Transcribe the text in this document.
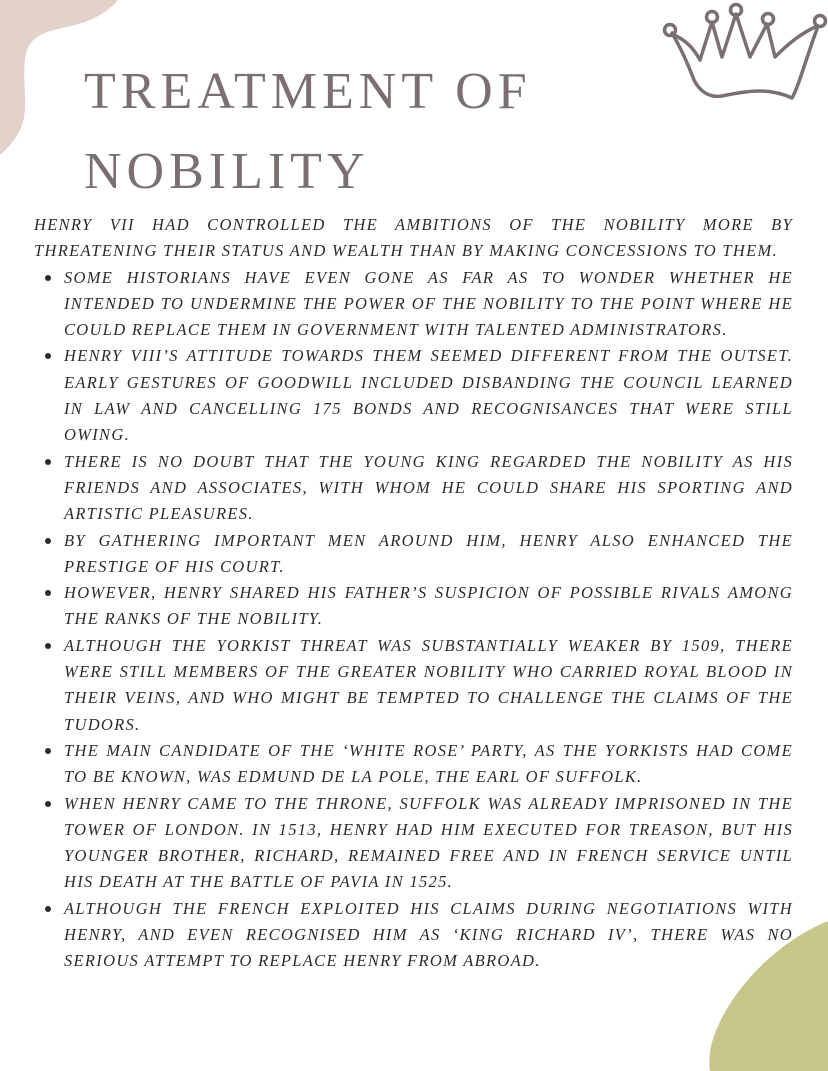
TREATMENT OF
NOBILITY

HENRY VII HAD CONTROLLED THE AMBITIONS OF THE NOBILITY MORE BY THREATENING THEIR STATUS AND WEALTH THAN BY MAKING CONCESSIONS TO THEM.

SOME HISTORIANS HAVE EVEN GONE AS FAR AS TO WONDER WHETHER HE INTENDED TO UNDERMINE THE POWER OF THE NOBILITY TO THE POINT WHERE HE COULD REPLACE THEM IN GOVERNMENT WITH TALENTED ADMINISTRATORS.
HENRY VIII’S ATTITUDE TOWARDS THEM SEEMED DIFFERENT FROM THE OUTSET. EARLY GESTURES OF GOODWILL INCLUDED DISBANDING THE COUNCIL LEARNED IN LAW AND CANCELLING 175 BONDS AND RECOGNISANCES THAT WERE STILL OWING.
THERE IS NO DOUBT THAT THE YOUNG KING REGARDED THE NOBILITY AS HIS FRIENDS AND ASSOCIATES, WITH WHOM HE COULD SHARE HIS SPORTING AND ARTISTIC PLEASURES.
BY GATHERING IMPORTANT MEN AROUND HIM, HENRY ALSO ENHANCED THE PRESTIGE OF HIS COURT.
HOWEVER, HENRY SHARED HIS FATHER’S SUSPICION OF POSSIBLE RIVALS AMONG THE RANKS OF THE NOBILITY.
ALTHOUGH THE YORKIST THREAT WAS SUBSTANTIALLY WEAKER BY 1509, THERE WERE STILL MEMBERS OF THE GREATER NOBILITY WHO CARRIED ROYAL BLOOD IN THEIR VEINS, AND WHO MIGHT BE TEMPTED TO CHALLENGE THE CLAIMS OF THE TUDORS.
THE MAIN CANDIDATE OF THE ‘WHITE ROSE’ PARTY, AS THE YORKISTS HAD COME TO BE KNOWN, WAS EDMUND DE LA POLE, THE EARL OF SUFFOLK.
WHEN HENRY CAME TO THE THRONE, SUFFOLK WAS ALREADY IMPRISONED IN THE TOWER OF LONDON. IN 1513, HENRY HAD HIM EXECUTED FOR TREASON, BUT HIS YOUNGER BROTHER, RICHARD, REMAINED FREE AND IN FRENCH SERVICE UNTIL HIS DEATH AT THE BATTLE OF PAVIA IN 1525.
ALTHOUGH THE FRENCH EXPLOITED HIS CLAIMS DURING NEGOTIATIONS WITH HENRY, AND EVEN RECOGNISED HIM AS ‘KING RICHARD IV’, THERE WAS NO SERIOUS ATTEMPT TO REPLACE HENRY FROM ABROAD.
